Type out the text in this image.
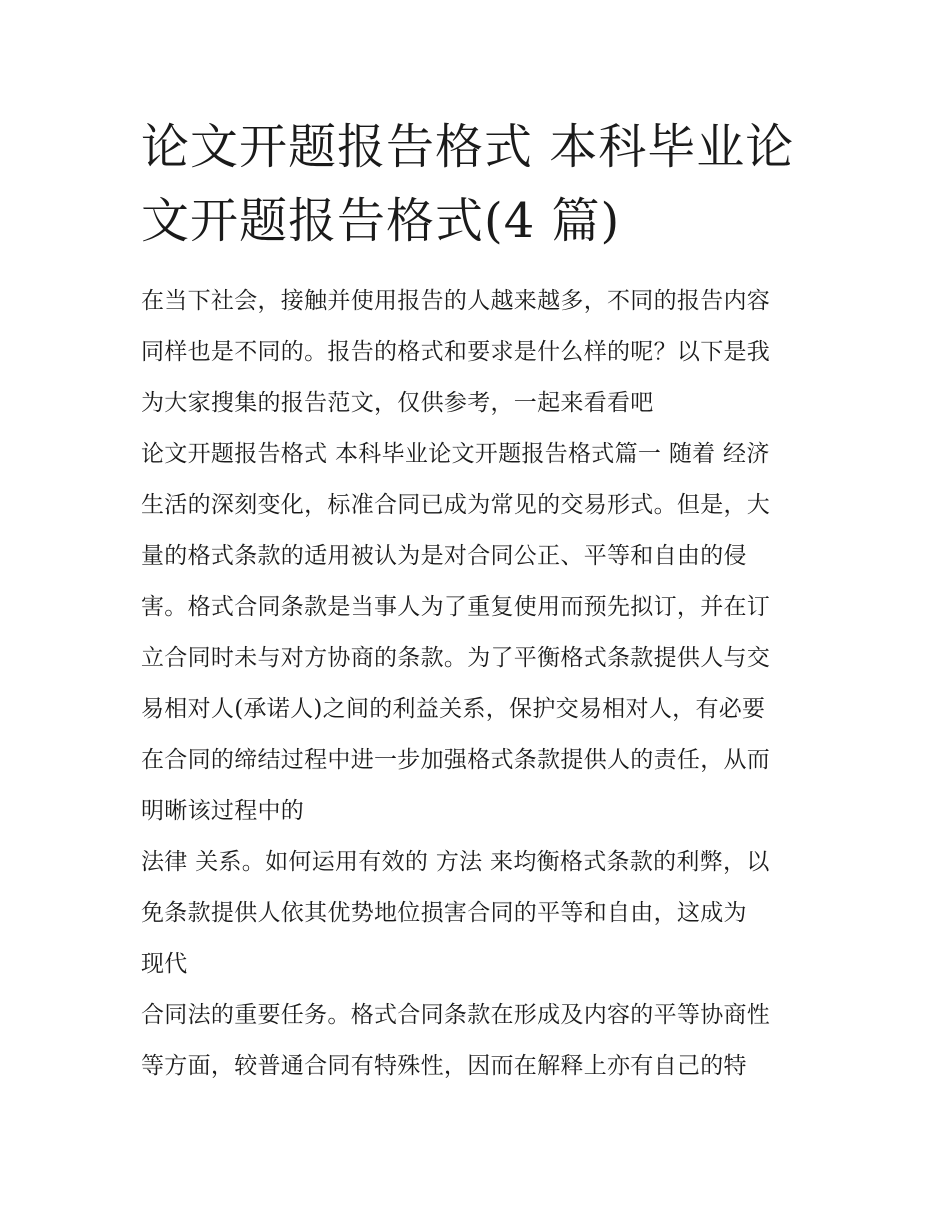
论文开题报告格式 本科毕业论
文开题报告格式(4 篇)
在当下社会，接触并使用报告的人越来越多，不同的报告内容
同样也是不同的。报告的格式和要求是什么样的呢？以下是我
为大家搜集的报告范文，仅供参考，一起来看看吧
论文开题报告格式 本科毕业论文开题报告格式篇一 随着 经济
生活的深刻变化，标准合同已成为常见的交易形式。但是，大
量的格式条款的适用被认为是对合同公正、平等和自由的侵
害。格式合同条款是当事人为了重复使用而预先拟订，并在订
立合同时未与对方协商的条款。为了平衡格式条款提供人与交
易相对人(承诺人)之间的利益关系，保护交易相对人，有必要
在合同的缔结过程中进一步加强格式条款提供人的责任，从而
明晰该过程中的
法律 关系。如何运用有效的 方法 来均衡格式条款的利弊，以
免条款提供人依其优势地位损害合同的平等和自由，这成为
现代
合同法的重要任务。格式合同条款在形成及内容的平等协商性
等方面，较普通合同有特殊性，因而在解释上亦有自己的特
